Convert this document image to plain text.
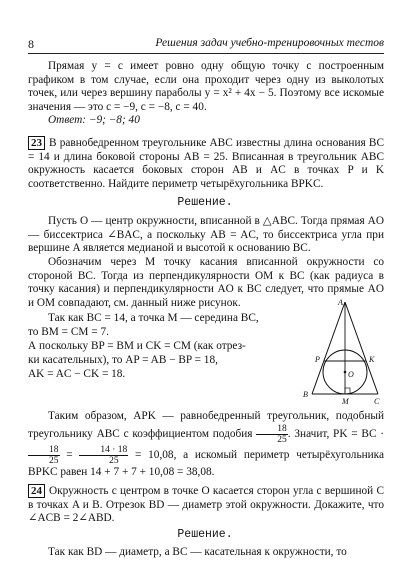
8	Решения задач учебно-тренировочных тестов

Прямая y = c имеет ровно одну общую точку с построенным графиком в том случае, если она проходит через одну из выколотых точек, или через вершину параболы y = x² + 4x − 5. Поэтому все искомые значения — это c = −9, c = −8, c = 40.

Ответ: −9; −8; 40

23 В равнобедренном треугольнике ABC известны длина основания BC = 14 и длина боковой стороны AB = 25. Вписанная в треугольник ABC окружность касается боковых сторон AB и AC в точках P и K соответственно. Найдите периметр четырёхугольника BPKC.

Решение.

Пусть O — центр окружности, вписанной в △ABC. Тогда прямая AO — биссектриса ∠BAC, а поскольку AB = AC, то биссектриса угла при вершине A является медианой и высотой к основанию BC.

Обозначим через M точку касания вписанной окружности со стороной BC. Тогда из перпендикулярности OM к BC (как радиуса в точку касания) и перпендикулярности AO к BC следует, что прямые AO и OM совпадают, см. данный ниже рисунок.

Так как BC = 14, а точка M — середина BC,
то BM = CM = 7.
А поскольку BP = BM и CK = CM (как отрез-
ки касательных), то AP = AB − BP = 18,
AK = AC − CK = 18.
A
B
C
P	K
O
M
Таким образом, APK — равнобедренный треугольник, подобный треугольнику ABC с коэффициентом подобия $\frac{18}{25}$ . Значит, PK = BC ·
$\frac{18}{25} = \frac{14 \cdot 18}{25} = 10,08$, а искомый периметр четырёхугольника BPKC равен 14 + 7 + 7 + 10,08 = 38,08.

24 Окружность с центром в точке O касается сторон угла с вершиной C в точках A и B. Отрезок BD — диаметр этой окружности. Докажите, что ∠ACB = 2∠ABD.

Решение.

Так как BD — диаметр, а BC — касательная к окружности, то
